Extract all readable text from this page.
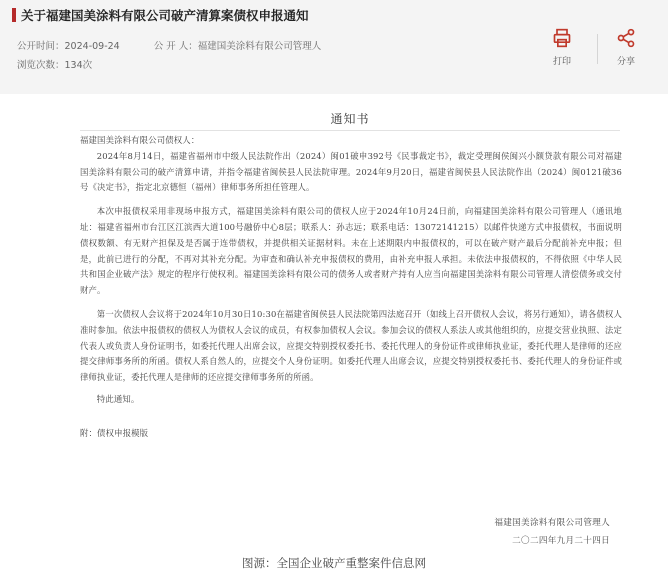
关于福建国美涂料有限公司破产清算案债权申报通知
公开时间：2024-09-24	公 开 人：福建国美涂料有限公司管理人
浏览次数：134次	打印	分享
通知书

福建国美涂料有限公司债权人：

2024年8月14日，福建省福州市中级人民法院作出（2024）闽01破申392号《民事裁定书》，裁定受理闽侯闽兴小额贷款有限公司对福建国美涂料有限公司的破产清算申请，并指令福建省闽侯县人民法院审理。2024年9月20日，福建省闽侯县人民法院作出（2024）闽0121破36号《决定书》，指定北京德恒（福州）律师事务所担任管理人。

本次申报债权采用非现场申报方式，福建国美涂料有限公司的债权人应于2024年10月24日前，向福建国美涂料有限公司管理人（通讯地址：福建省福州市台江区江滨西大道100号融侨中心8层；联系人：孙志远；联系电话：13072141215）以邮件快递方式申报债权，书面说明债权数额、有无财产担保及是否属于连带债权，并提供相关证据材料。未在上述期限内申报债权的，可以在破产财产最后分配前补充申报；但是，此前已进行的分配，不再对其补充分配。为审查和确认补充申报债权的费用，由补充申报人承担。未依法申报债权的，不得依照《中华人民共和国企业破产法》规定的程序行使权利。福建国美涂料有限公司的债务人或者财产持有人应当向福建国美涂料有限公司管理人清偿债务或交付财产。

第一次债权人会议将于2024年10月30日10:30在福建省闽侯县人民法院第四法庭召开（如线上召开债权人会议，将另行通知），请各债权人准时参加。依法申报债权的债权人为债权人会议的成员，有权参加债权人会议。参加会议的债权人系法人或其他组织的，应提交营业执照、法定代表人或负责人身份证明书，如委托代理人出席会议，应提交特别授权委托书、委托代理人的身份证件或律师执业证，委托代理人是律师的还应提交律师事务所的所函。债权人系自然人的，应提交个人身份证明。如委托代理人出席会议，应提交特别授权委托书、委托代理人的身份证件或律师执业证，委托代理人是律师的还应提交律师事务所的所函。

特此通知。

附：债权申报模版

福建国美涂料有限公司管理人
二〇二四年九月二十四日
图源：全国企业破产重整案件信息网
